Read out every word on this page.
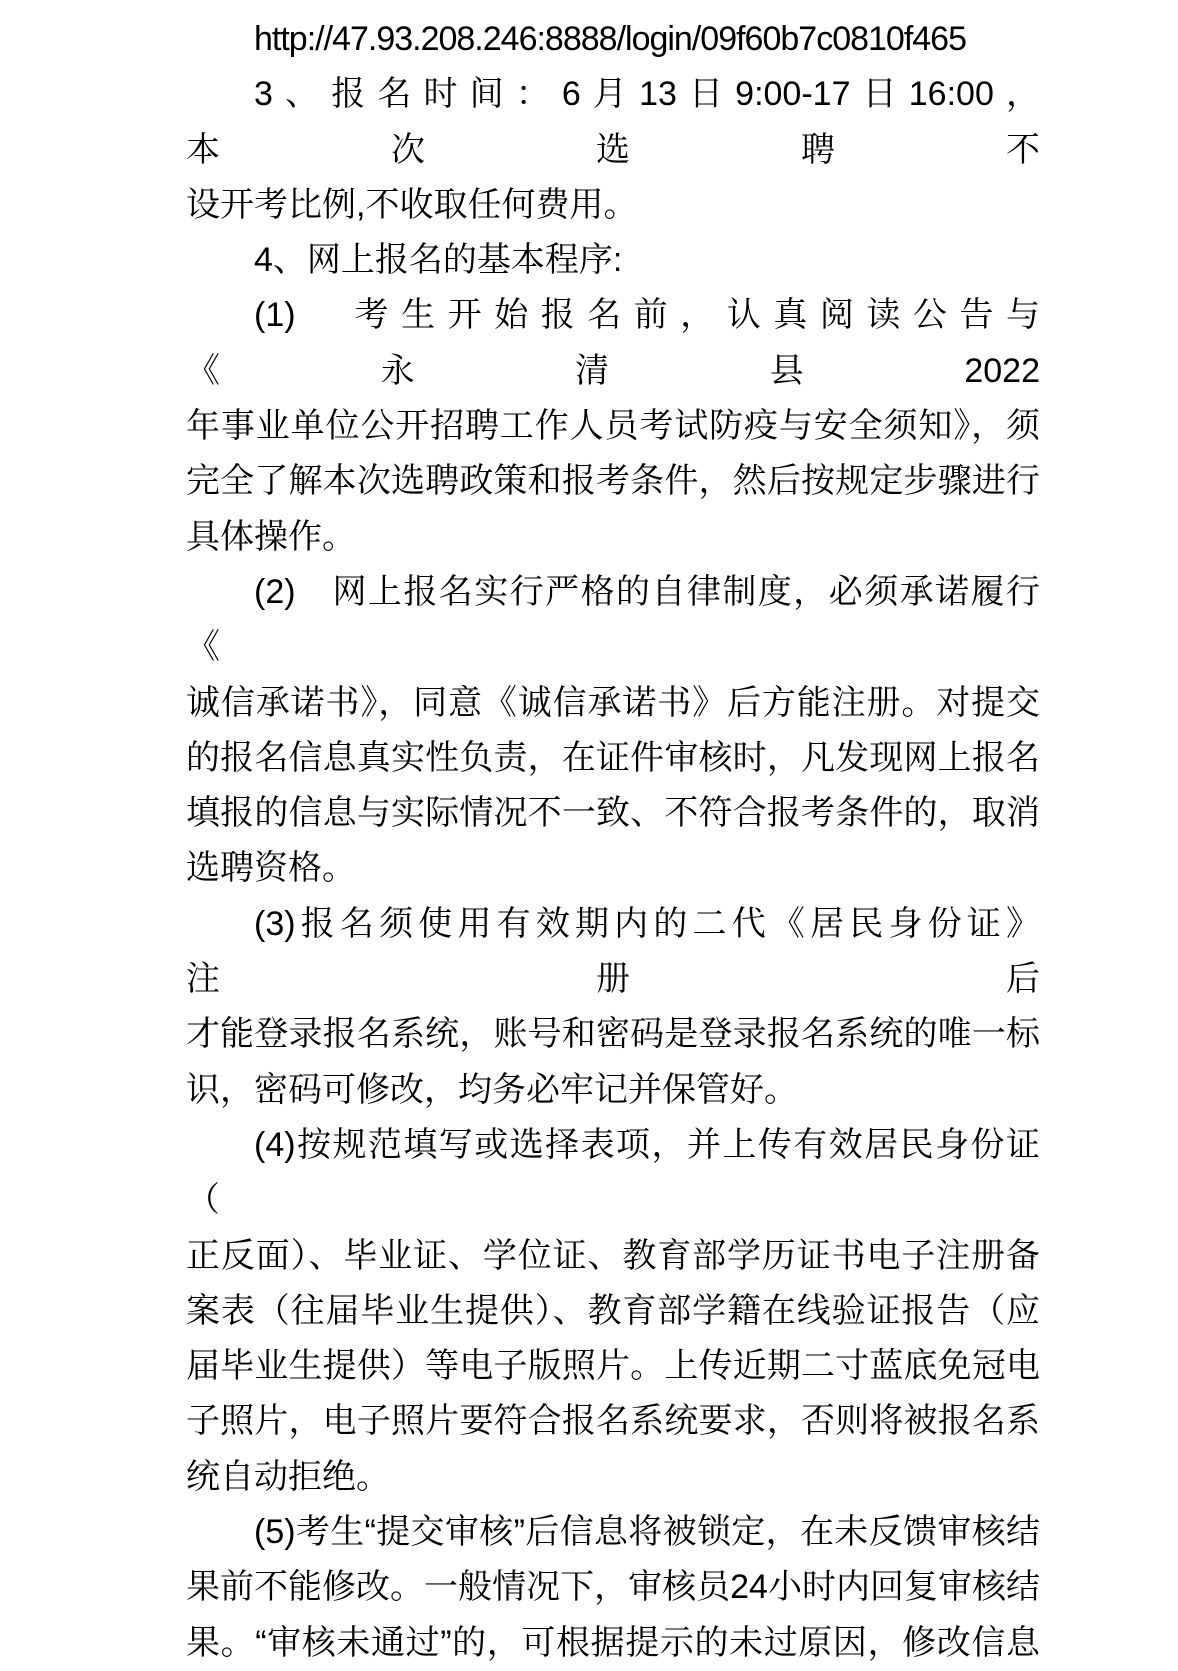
http://47.93.208.246:8888/login/09f60b7c0810f465
3、报名时间：6月13日9:00-17日16:00，本次选聘不
设开考比例,不收取任何费用。
4、网上报名的基本程序:
(1)　考生开始报名前，认真阅读公告与《永清县2022
年事业单位公开招聘工作人员考试防疫与安全须知》，须
完全了解本次选聘政策和报考条件，然后按规定步骤进行
具体操作。
(2)　网上报名实行严格的自律制度，必须承诺履行《
诚信承诺书》，同意《诚信承诺书》后方能注册。对提交
的报名信息真实性负责，在证件审核时，凡发现网上报名
填报的信息与实际情况不一致、不符合报考条件的，取消
选聘资格。
(3)报名须使用有效期内的二代《居民身份证》注册后
才能登录报名系统，账号和密码是登录报名系统的唯一标
识，密码可修改，均务必牢记并保管好。
(4)按规范填写或选择表项，并上传有效居民身份证（
正反面）、毕业证、学位证、教育部学历证书电子注册备
案表（往届毕业生提供）、教育部学籍在线验证报告（应
届毕业生提供）等电子版照片。上传近期二寸蓝底免冠电
子照片，电子照片要符合报名系统要求，否则将被报名系
统自动拒绝。
(5)考生“提交审核”后信息将被锁定，在未反馈审核结
果前不能修改。一般情况下，审核员24小时内回复审核结
果。“审核未通过”的，可根据提示的未过原因，修改信息
